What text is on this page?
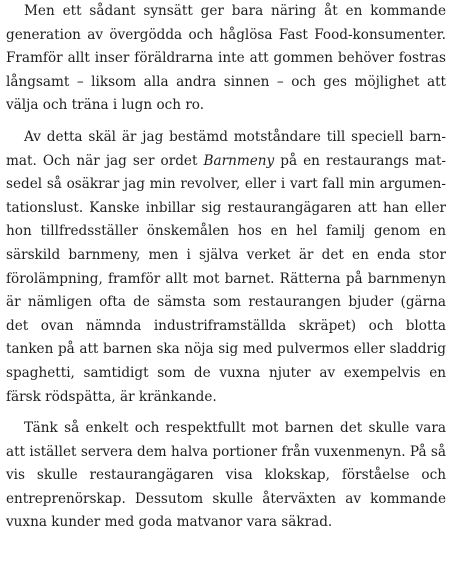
Men ett sådant synsätt ger bara näring åt en kommande generation av övergödda och håglösa Fast Food-konsumenter. Framför allt inser föräldrarna inte att gommen behöver fostras långsamt – liksom alla andra sinnen – och ges möjlighet att välja och träna i lugn och ro.

Av detta skäl är jag bestämd motståndare till speciell barnmat. Och när jag ser ordet Barnmeny på en restaurangs matsedel så osäkrar jag min revolver, eller i vart fall min argumentationslust. Kanske inbillar sig restaurangägaren att han eller hon tillfredsställer önskemålen hos en hel familj genom en särskild barnmeny, men i själva verket är det en enda stor förolämpning, framför allt mot barnet. Rätterna på barnmenyn är nämligen ofta de sämsta som restaurangen bjuder (gärna det ovan nämnda industriframställda skräpet) och blotta tanken på att barnen ska nöja sig med pulvermos eller sladdrig spaghetti, samtidigt som de vuxna njuter av exempelvis en färsk rödspätta, är kränkande.

Tänk så enkelt och respektfullt mot barnen det skulle vara att istället servera dem halva portioner från vuxenmenyn. På så vis skulle restaurangägaren visa klokskap, förståelse och entreprenörskap. Dessutom skulle återväxten av kommande vuxna kunder med goda matvanor vara säkrad.
